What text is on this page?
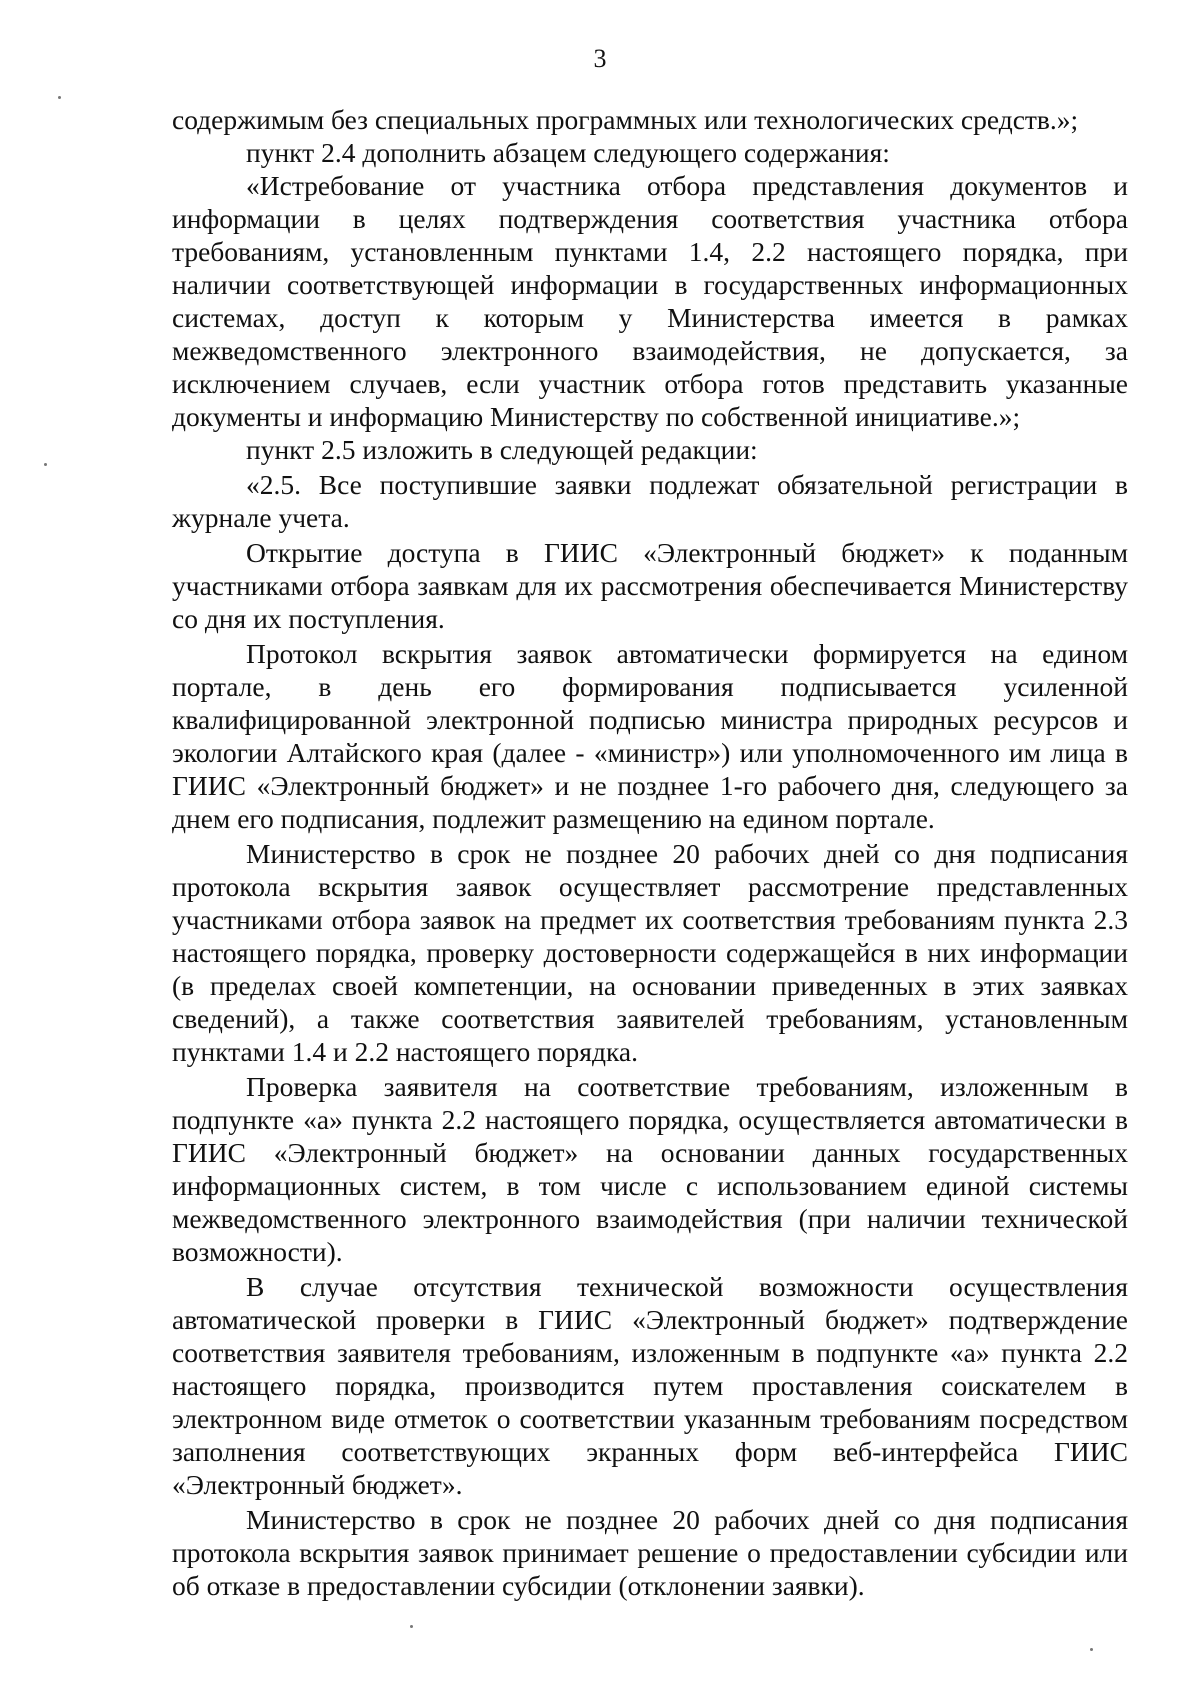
3

содержимым без специальных программных или технологических средств.»;

пункт 2.4 дополнить абзацем следующего содержания:

«Истребование от участника отбора представления документов и информации в целях подтверждения соответствия участника отбора требованиям, установленным пунктами 1.4, 2.2 настоящего порядка, при наличии соответствующей информации в государственных информационных системах, доступ к которым у Министерства имеется в рамках межведомственного электронного взаимодействия, не допускается, за исключением случаев, если участник отбора готов представить указанные документы и информацию Министерству по собственной инициативе.»;

пункт 2.5 изложить в следующей редакции:

«2.5. Все поступившие заявки подлежат обязательной регистрации в журнале учета.

Открытие доступа в ГИИС «Электронный бюджет» к поданным участниками отбора заявкам для их рассмотрения обеспечивается Министерству со дня их поступления.

Протокол вскрытия заявок автоматически формируется на едином портале, в день его формирования подписывается усиленной квалифицированной электронной подписью министра природных ресурсов и экологии Алтайского края (далее - «министр») или уполномоченного им лица в ГИИС «Электронный бюджет» и не позднее 1-го рабочего дня, следующего за днем его подписания, подлежит размещению на едином портале.

Министерство в срок не позднее 20 рабочих дней со дня подписания протокола вскрытия заявок осуществляет рассмотрение представленных участниками отбора заявок на предмет их соответствия требованиям пункта 2.3 настоящего порядка, проверку достоверности содержащейся в них информации (в пределах своей компетенции, на основании приведенных в этих заявках сведений), а также соответствия заявителей требованиям, установленным пунктами 1.4 и 2.2 настоящего порядка.

Проверка заявителя на соответствие требованиям, изложенным в подпункте «а» пункта 2.2 настоящего порядка, осуществляется автоматически в ГИИС «Электронный бюджет» на основании данных государственных информационных систем, в том числе с использованием единой системы межведомственного электронного взаимодействия (при наличии технической возможности).

В случае отсутствия технической возможности осуществления автоматической проверки в ГИИС «Электронный бюджет» подтверждение соответствия заявителя требованиям, изложенным в подпункте «а» пункта 2.2 настоящего порядка, производится путем проставления соискателем в электронном виде отметок о соответствии указанным требованиям посредством заполнения соответствующих экранных форм веб-интерфейса ГИИС «Электронный бюджет».

Министерство в срок не позднее 20 рабочих дней со дня подписания протокола вскрытия заявок принимает решение о предоставлении субсидии или об отказе в предоставлении субсидии (отклонении заявки).
